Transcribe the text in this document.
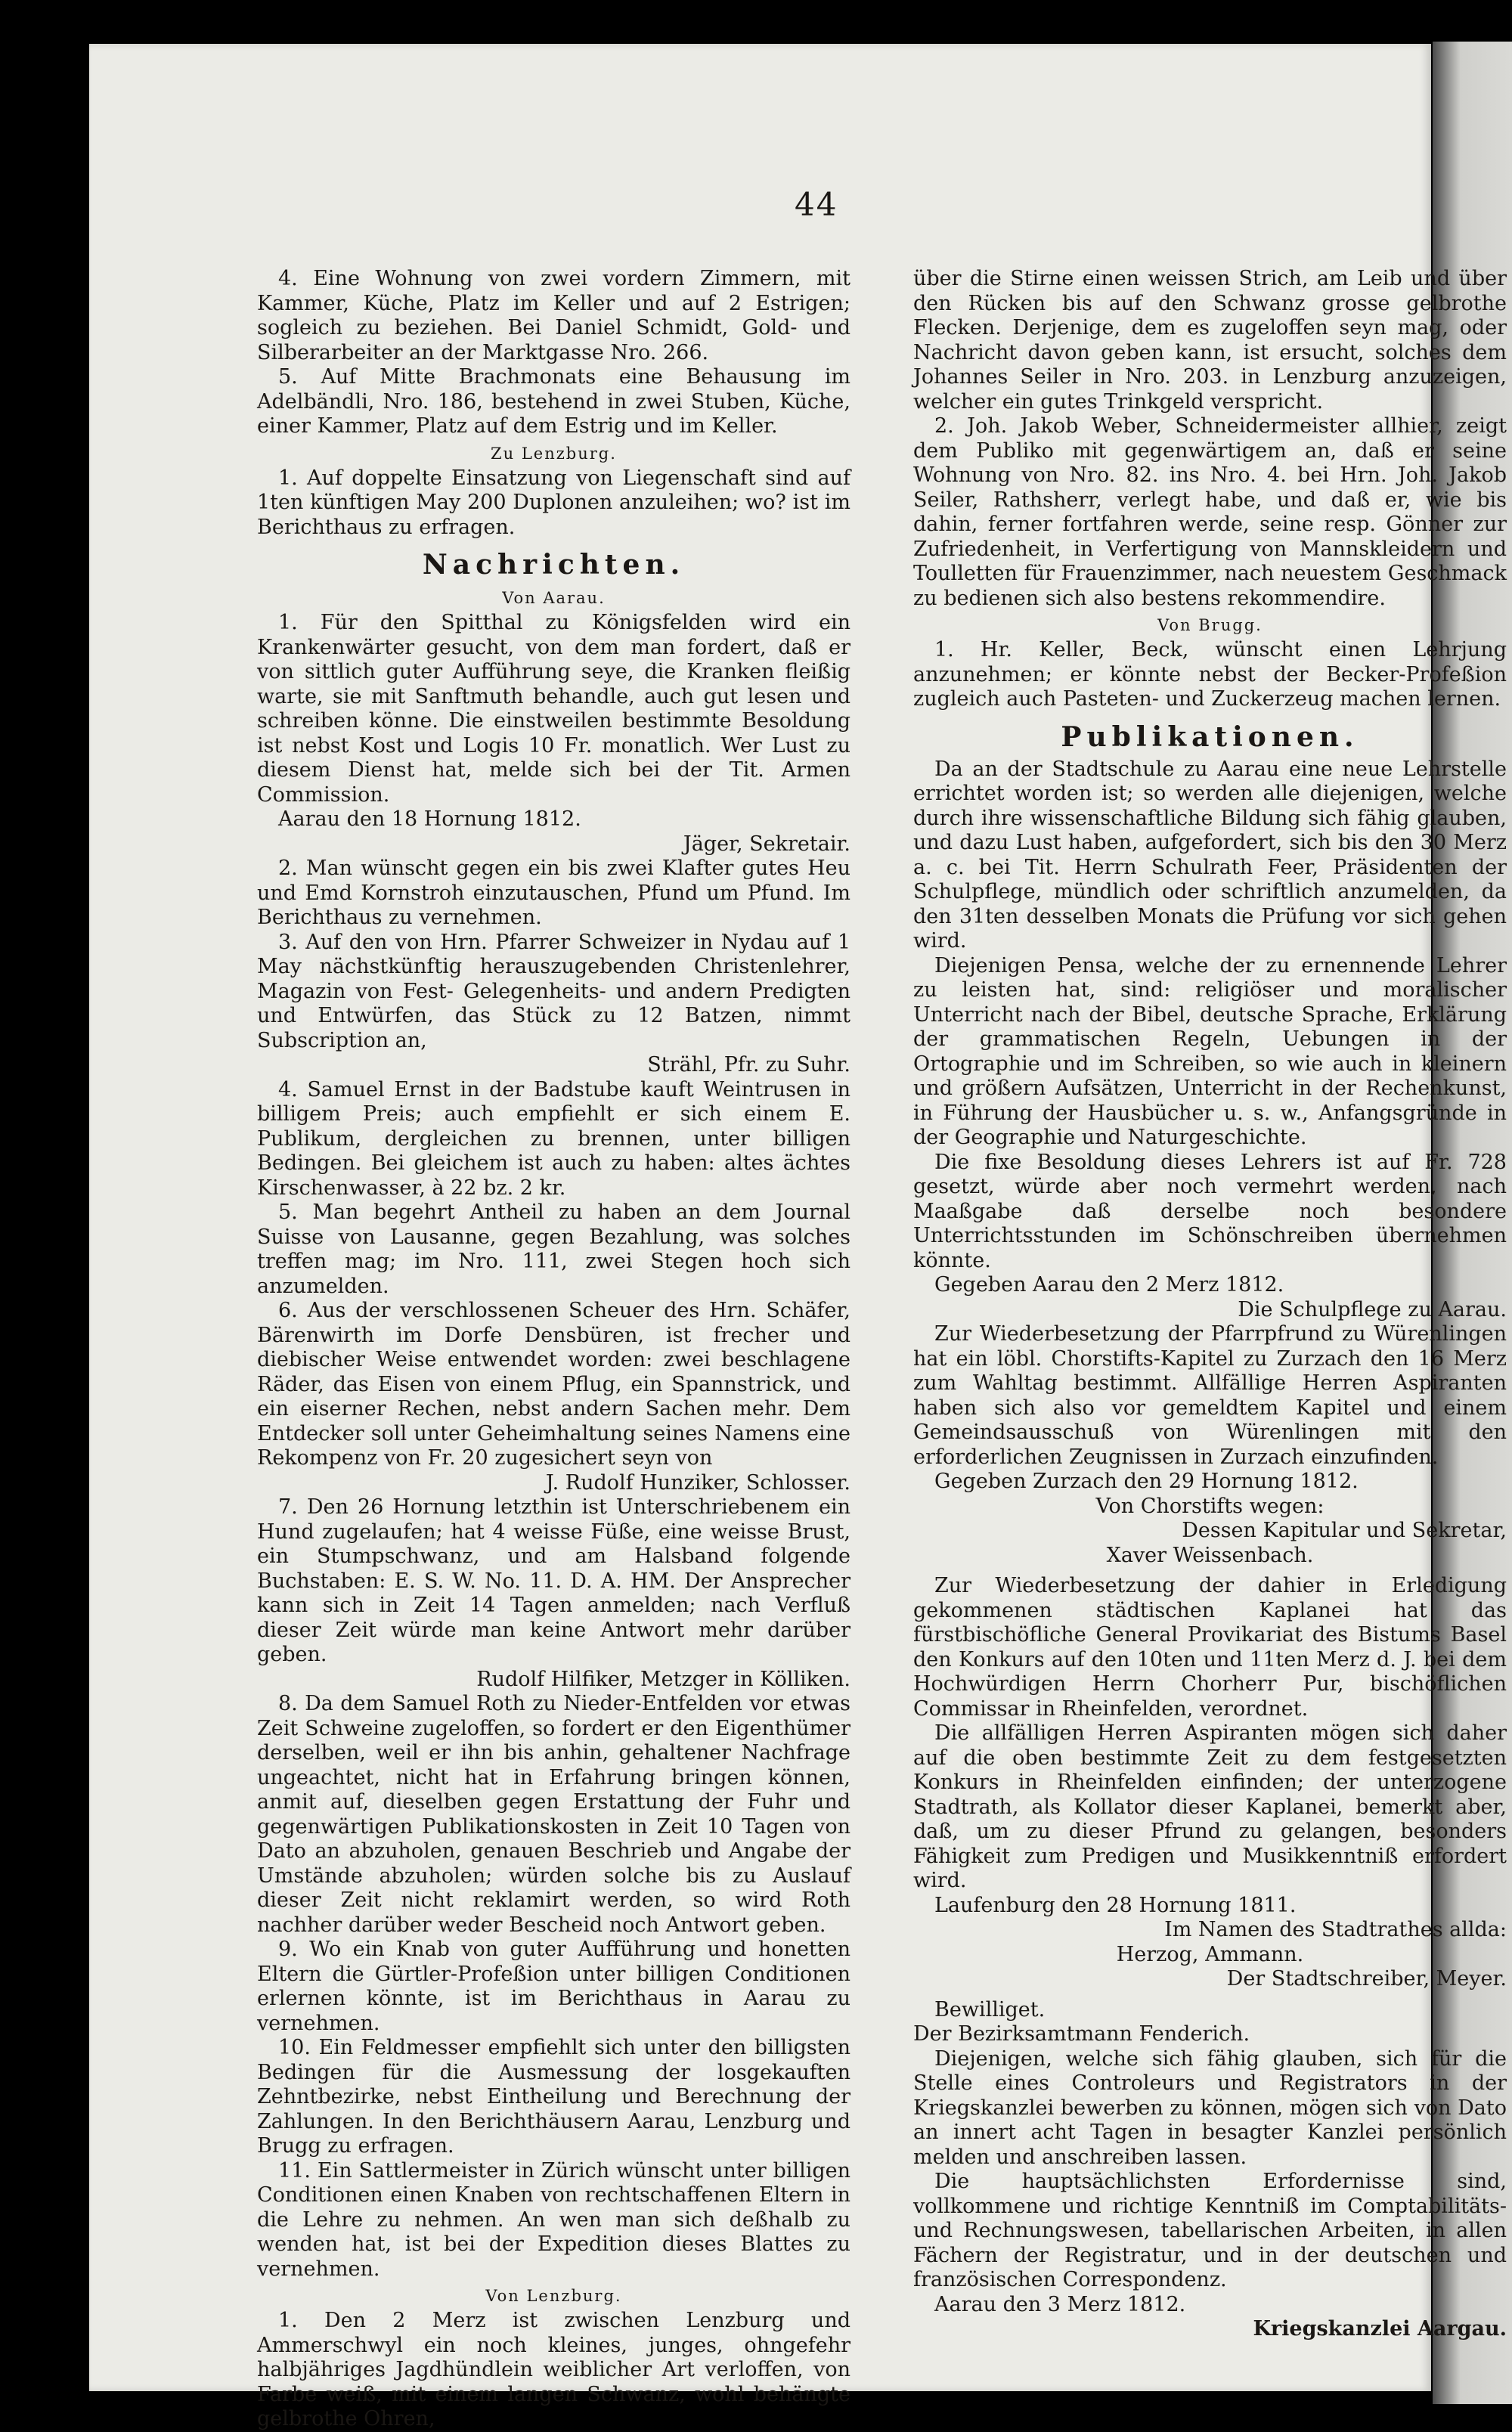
44

4. Eine Wohnung von zwei vordern Zimmern, mit Kammer, Küche, Platz im Keller und auf 2 Estrigen; sogleich zu beziehen. Bei Daniel Schmidt, Gold- und Silberarbeiter an der Marktgasse Nro. 266.

5. Auf Mitte Brachmonats eine Behausung im Adelbändli, Nro. 186, bestehend in zwei Stuben, Küche, einer Kammer, Platz auf dem Estrig und im Keller.

Zu Lenzburg.

1. Auf doppelte Einsatzung von Liegenschaft sind auf 1ten künftigen May 200 Duplonen anzuleihen; wo? ist im Berichthaus zu erfragen.

Nachrichten.
Von Aarau.

1. Für den Spitthal zu Königsfelden wird ein Krankenwärter gesucht, von dem man fordert, daß er von sittlich guter Aufführung seye, die Kranken fleißig warte, sie mit Sanftmuth behandle, auch gut lesen und schreiben könne. Die einstweilen bestimmte Besoldung ist nebst Kost und Logis 10 Fr. monatlich. Wer Lust zu diesem Dienst hat, melde sich bei der Tit. Armen Commission.

Aarau den 18 Hornung 1812.
Jäger, Sekretair.

2. Man wünscht gegen ein bis zwei Klafter gutes Heu und Emd Kornstroh einzutauschen, Pfund um Pfund. Im Berichthaus zu vernehmen.

3. Auf den von Hrn. Pfarrer Schweizer in Nydau auf 1 May nächstkünftig herauszugebenden Christenlehrer, Magazin von Fest- Gelegenheits- und andern Predigten und Entwürfen, das Stück zu 12 Batzen, nimmt Subscription an,

Strähl, Pfr. zu Suhr.

4. Samuel Ernst in der Badstube kauft Weintrusen in billigem Preis; auch empfiehlt er sich einem E. Publikum, dergleichen zu brennen, unter billigen Bedingen. Bei gleichem ist auch zu haben: altes ächtes Kirschenwasser, à 22 bz. 2 kr.

5. Man begehrt Antheil zu haben an dem Journal Suisse von Lausanne, gegen Bezahlung, was solches treffen mag; im Nro. 111, zwei Stegen hoch sich anzumelden.

6. Aus der verschlossenen Scheuer des Hrn. Schäfer, Bärenwirth im Dorfe Densbüren, ist frecher und diebischer Weise entwendet worden: zwei beschlagene Räder, das Eisen von einem Pflug, ein Spannstrick, und ein eiserner Rechen, nebst andern Sachen mehr. Dem Entdecker soll unter Geheimhaltung seines Namens eine Rekompenz von Fr. 20 zugesichert seyn von

J. Rudolf Hunziker, Schlosser.

7. Den 26 Hornung letzthin ist Unterschriebenem ein Hund zugelaufen; hat 4 weisse Füße, eine weisse Brust, ein Stumpschwanz, und am Halsband folgende Buchstaben: E. S. W. No. 11. D. A. HM. Der Ansprecher kann sich in Zeit 14 Tagen anmelden; nach Verfluß dieser Zeit würde man keine Antwort mehr darüber geben.

Rudolf Hilfiker, Metzger in Kölliken.

8. Da dem Samuel Roth zu Nieder-Entfelden vor etwas Zeit Schweine zugeloffen, so fordert er den Eigenthümer derselben, weil er ihn bis anhin, gehaltener Nachfrage ungeachtet, nicht hat in Erfahrung bringen können, anmit auf, dieselben gegen Erstattung der Fuhr und gegenwärtigen Publikationskosten in Zeit 10 Tagen von Dato an abzuholen, genauen Beschrieb und Angabe der Umstände abzuholen; würden solche bis zu Auslauf dieser Zeit nicht reklamirt werden, so wird Roth nachher darüber weder Bescheid noch Antwort geben.

9. Wo ein Knab von guter Aufführung und honetten Eltern die Gürtler-Profeßion unter billigen Conditionen erlernen könnte, ist im Berichthaus in Aarau zu vernehmen.

10. Ein Feldmesser empfiehlt sich unter den billigsten Bedingen für die Ausmessung der losgekauften Zehntbezirke, nebst Eintheilung und Berechnung der Zahlungen. In den Berichthäusern Aarau, Lenzburg und Brugg zu erfragen.

11. Ein Sattlermeister in Zürich wünscht unter billigen Conditionen einen Knaben von rechtschaffenen Eltern in die Lehre zu nehmen. An wen man sich deßhalb zu wenden hat, ist bei der Expedition dieses Blattes zu vernehmen.

Von Lenzburg.

1. Den 2 Merz ist zwischen Lenzburg und Ammerschwyl ein noch kleines, junges, ohngefehr halbjähriges Jagdhündlein weiblicher Art verloffen, von Farbe weiß, mit einem langen Schwanz, wohl behängte gelbrothe Ohren,

über die Stirne einen weissen Strich, am Leib und über den Rücken bis auf den Schwanz grosse gelbrothe Flecken. Derjenige, dem es zugeloffen seyn mag, oder Nachricht davon geben kann, ist ersucht, solches dem Johannes Seiler in Nro. 203. in Lenzburg anzuzeigen, welcher ein gutes Trinkgeld verspricht.

2. Joh. Jakob Weber, Schneidermeister allhier, zeigt dem Publiko mit gegenwärtigem an, daß er seine Wohnung von Nro. 82. ins Nro. 4. bei Hrn. Joh. Jakob Seiler, Rathsherr, verlegt habe, und daß er, wie bis dahin, ferner fortfahren werde, seine resp. Gönner zur Zufriedenheit, in Verfertigung von Mannskleidern und Toulletten für Frauenzimmer, nach neuestem Geschmack zu bedienen sich also bestens rekommendire.

Von Brugg.

1. Hr. Keller, Beck, wünscht einen Lehrjung anzunehmen; er könnte nebst der Becker-Profeßion zugleich auch Pasteten- und Zuckerzeug machen lernen.

Publikationen.

Da an der Stadtschule zu Aarau eine neue Lehrstelle errichtet worden ist; so werden alle diejenigen, welche durch ihre wissenschaftliche Bildung sich fähig glauben, und dazu Lust haben, aufgefordert, sich bis den 30 Merz a. c. bei Tit. Herrn Schulrath Feer, Präsidenten der Schulpflege, mündlich oder schriftlich anzumelden, da den 31ten desselben Monats die Prüfung vor sich gehen wird.

Diejenigen Pensa, welche der zu ernennende Lehrer zu leisten hat, sind: religiöser und moralischer Unterricht nach der Bibel, deutsche Sprache, Erklärung der grammatischen Regeln, Uebungen in der Ortographie und im Schreiben, so wie auch in kleinern und größern Aufsätzen, Unterricht in der Rechenkunst, in Führung der Hausbücher u. s. w., Anfangsgründe in der Geographie und Naturgeschichte.

Die fixe Besoldung dieses Lehrers ist auf Fr. 728 gesetzt, würde aber noch vermehrt werden, nach Maaßgabe daß derselbe noch besondere Unterrichtsstunden im Schönschreiben übernehmen könnte.

Gegeben Aarau den 2 Merz 1812.
Die Schulpflege zu Aarau.

Zur Wiederbesetzung der Pfarrpfrund zu Würenlingen hat ein löbl. Chorstifts-Kapitel zu Zurzach den 16 Merz zum Wahltag bestimmt. Allfällige Herren Aspiranten haben sich also vor gemeldtem Kapitel und einem Gemeindsausschuß von Würenlingen mit den erforderlichen Zeugnissen in Zurzach einzufinden.

Gegeben Zurzach den 29 Hornung 1812.
Von Chorstifts wegen:
Dessen Kapitular und Sekretar,
Xaver Weissenbach.

Zur Wiederbesetzung der dahier in Erledigung gekommenen städtischen Kaplanei hat das fürstbischöfliche General Provikariat des Bistums Basel den Konkurs auf den 10ten und 11ten Merz d. J. bei dem Hochwürdigen Herrn Chorherr Pur, bischöflichen Commissar in Rheinfelden, verordnet.

Die allfälligen Herren Aspiranten mögen sich daher auf die oben bestimmte Zeit zu dem festgesetzten Konkurs in Rheinfelden einfinden; der unterzogene Stadtrath, als Kollator dieser Kaplanei, bemerkt aber, daß, um zu dieser Pfrund zu gelangen, besonders Fähigkeit zum Predigen und Musikkenntniß erfordert wird.

Laufenburg den 28 Hornung 1811.
Im Namen des Stadtrathes allda:
Herzog, Ammann.
Der Stadtschreiber, Meyer.
Bewilliget.
Der Bezirksamtmann Fenderich.

Diejenigen, welche sich fähig glauben, sich für die Stelle eines Controleurs und Registrators in der Kriegskanzlei bewerben zu können, mögen sich von Dato an innert acht Tagen in besagter Kanzlei persönlich melden und anschreiben lassen.

Die hauptsächlichsten Erfordernisse sind, vollkommene und richtige Kenntniß im Comptabilitäts- und Rechnungswesen, tabellarischen Arbeiten, in allen Fächern der Registratur, und in der deutschen und französischen Correspondenz.

Aarau den 3 Merz 1812.
Kriegskanzlei Aargau.
